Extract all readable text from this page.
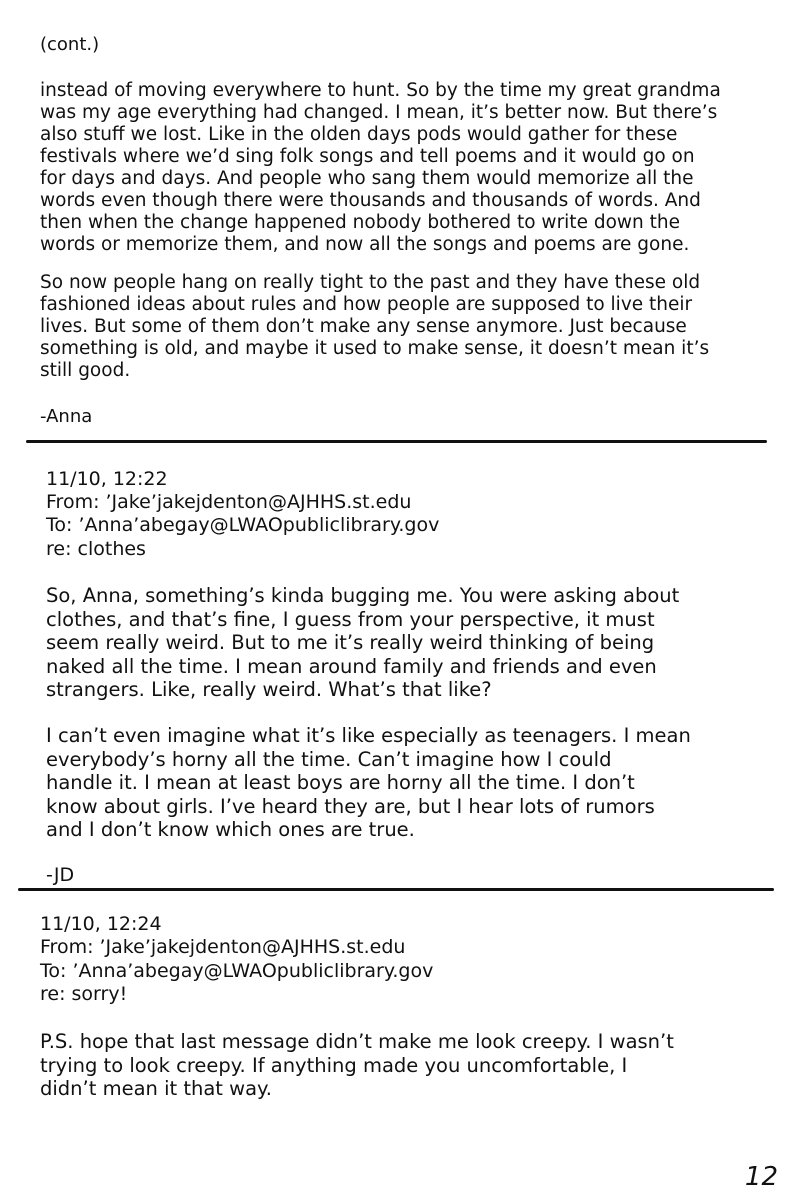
(cont.)

instead of moving everywhere to hunt. So by the time my great grandma
was my age everything had changed. I mean, it’s better now. But there’s
also stuff we lost. Like in the olden days pods would gather for these
festivals where we’d sing folk songs and tell poems and it would go on
for days and days. And people who sang them would memorize all the
words even though there were thousands and thousands of words. And
then when the change happened nobody bothered to write down the
words or memorize them, and now all the songs and poems are gone.

So now people hang on really tight to the past and they have these old
fashioned ideas about rules and how people are supposed to live their
lives. But some of them don’t make any sense anymore. Just because
something is old, and maybe it used to make sense, it doesn’t mean it’s
still good.

-Anna

11/10, 12:22

From: ’Jake’jakejdenton@AJHHS.st.edu

To: ’Anna’abegay@LWAOpubliclibrary.gov

re: clothes

So, Anna, something’s kinda bugging me. You were asking about
clothes, and that’s fine, I guess from your perspective, it must
seem really weird. But to me it’s really weird thinking of being
naked all the time. I mean around family and friends and even
strangers. Like, really weird. What’s that like?

I can’t even imagine what it’s like especially as teenagers. I mean
everybody’s horny all the time. Can’t imagine how I could
handle it. I mean at least boys are horny all the time. I don’t
know about girls. I’ve heard they are, but I hear lots of rumors
and I don’t know which ones are true.

-JD

11/10, 12:24

From: ’Jake’jakejdenton@AJHHS.st.edu

To: ’Anna’abegay@LWAOpubliclibrary.gov

re: sorry!

P.S. hope that last message didn’t make me look creepy. I wasn’t
trying to look creepy. If anything made you uncomfortable, I
didn’t mean it that way.

12
